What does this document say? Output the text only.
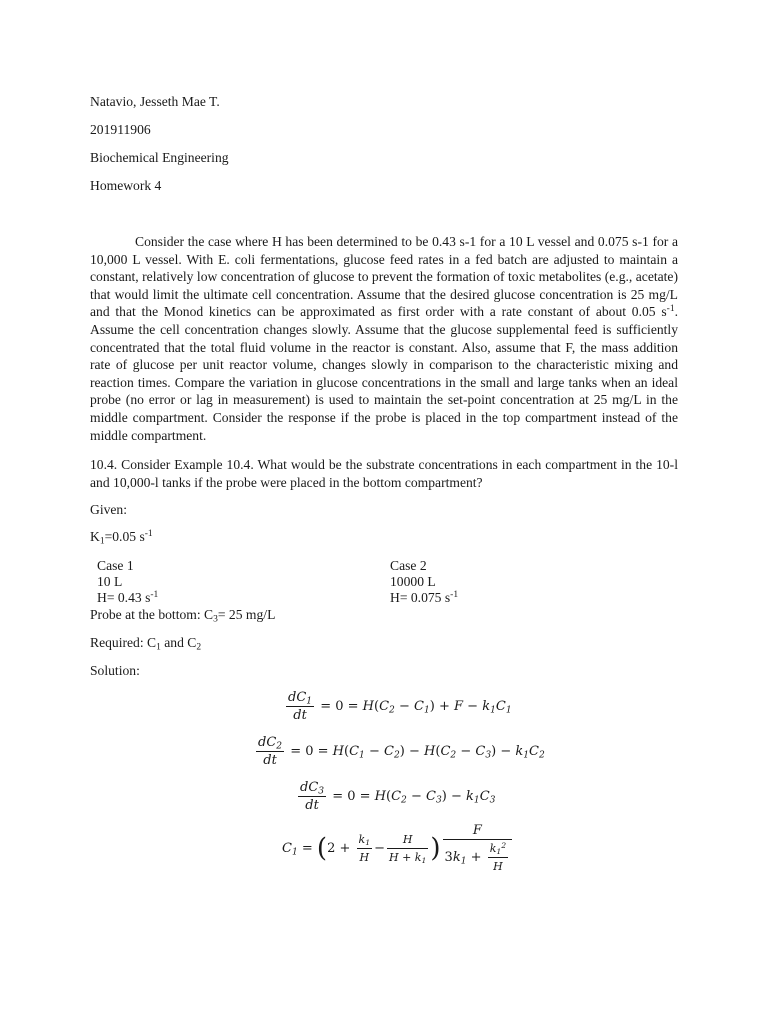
Natavio, Jesseth Mae T.
201911906
Biochemical Engineering
Homework 4

Consider the case where H has been determined to be 0.43 s-1 for a 10 L vessel and 0.075 s-1 for a 10,000 L vessel. With E. coli fermentations, glucose feed rates in a fed batch are adjusted to maintain a constant, relatively low concentration of glucose to prevent the formation of toxic metabolites (e.g., acetate) that would limit the ultimate cell concentration. Assume that the desired glucose concentration is 25 mg/L and that the Monod kinetics can be approximated as first order with a rate constant of about 0.05 $s^{-1}$. Assume the cell concentration changes slowly. Assume that the glucose supplemental feed is sufficiently concentrated that the total fluid volume in the reactor is constant. Also, assume that F, the mass addition rate of glucose per unit reactor volume, changes slowly in comparison to the characteristic mixing and reaction times. Compare the variation in glucose concentrations in the small and large tanks when an ideal probe (no error or lag in measurement) is used to maintain the set-point concentration at 25 mg/L in the middle compartment. Consider the response if the probe is placed in the top compartment instead of the middle compartment.

10.4. Consider Example 10.4. What would be the substrate concentrations in each compartment in the 10-l and 10,000-l tanks if the probe were placed in the bottom compartment?

Given:
$K_1=0.05$ $s^{-1}$
Case 1
10 L
H= 0.43 $s^{-1}$
Case 2
10000 L
H= 0.075 $s^{-1}$
Probe at the bottom: $C_3= 25$ mg/L
Required: $C_1$ and $C_2$
Solution:
$\frac{dC_1}{dt} = 0 = H(C_2 - C_1) + F - k_1C_1$
$\frac{dC_2}{dt} = 0 = H(C_1 - C_2) - H(C_2 - C_3) - k_1C_2$
$\frac{dC_3}{dt} = 0 = H(C_2 - C_3) - k_1C_3$
$C_1 = (2 + \frac{k_1}{H} - \frac{H}{H + k_1}$ ) $\frac{F}{3k_1 + \frac{k_1^2}{H}}$
